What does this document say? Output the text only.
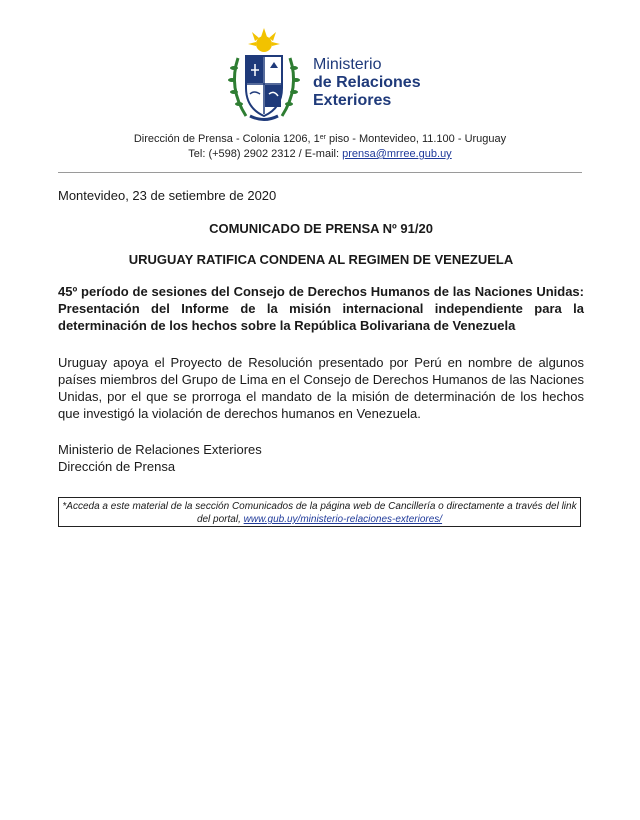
Ministerio
de Relaciones
Exteriores
Dirección de Prensa - Colonia 1206, 1er piso - Montevideo, 11.100 - Uruguay
Tel: (+598) 2902 2312 / E-mail: prensa@mrree.gub.uy
Montevideo, 23 de setiembre de 2020
COMUNICADO DE PRENSA Nº 91/20
URUGUAY RATIFICA CONDENA AL REGIMEN DE VENEZUELA
45º período de sesiones del Consejo de Derechos Humanos de las Naciones Unidas: Presentación del Informe de la misión internacional independiente para la determinación de los hechos sobre la República Bolivariana de Venezuela
Uruguay apoya el Proyecto de Resolución presentado por Perú en nombre de algunos países miembros del Grupo de Lima en el Consejo de Derechos Humanos de las Naciones Unidas, por el que se prorroga el mandato de la misión de determinación de los hechos que investigó la violación de derechos humanos en Venezuela.
Ministerio de Relaciones Exteriores
Dirección de Prensa
*Acceda a este material de la sección Comunicados de la página web de Cancillería o directamente a través del link del portal, www.gub.uy/ministerio-relaciones-exteriores/
